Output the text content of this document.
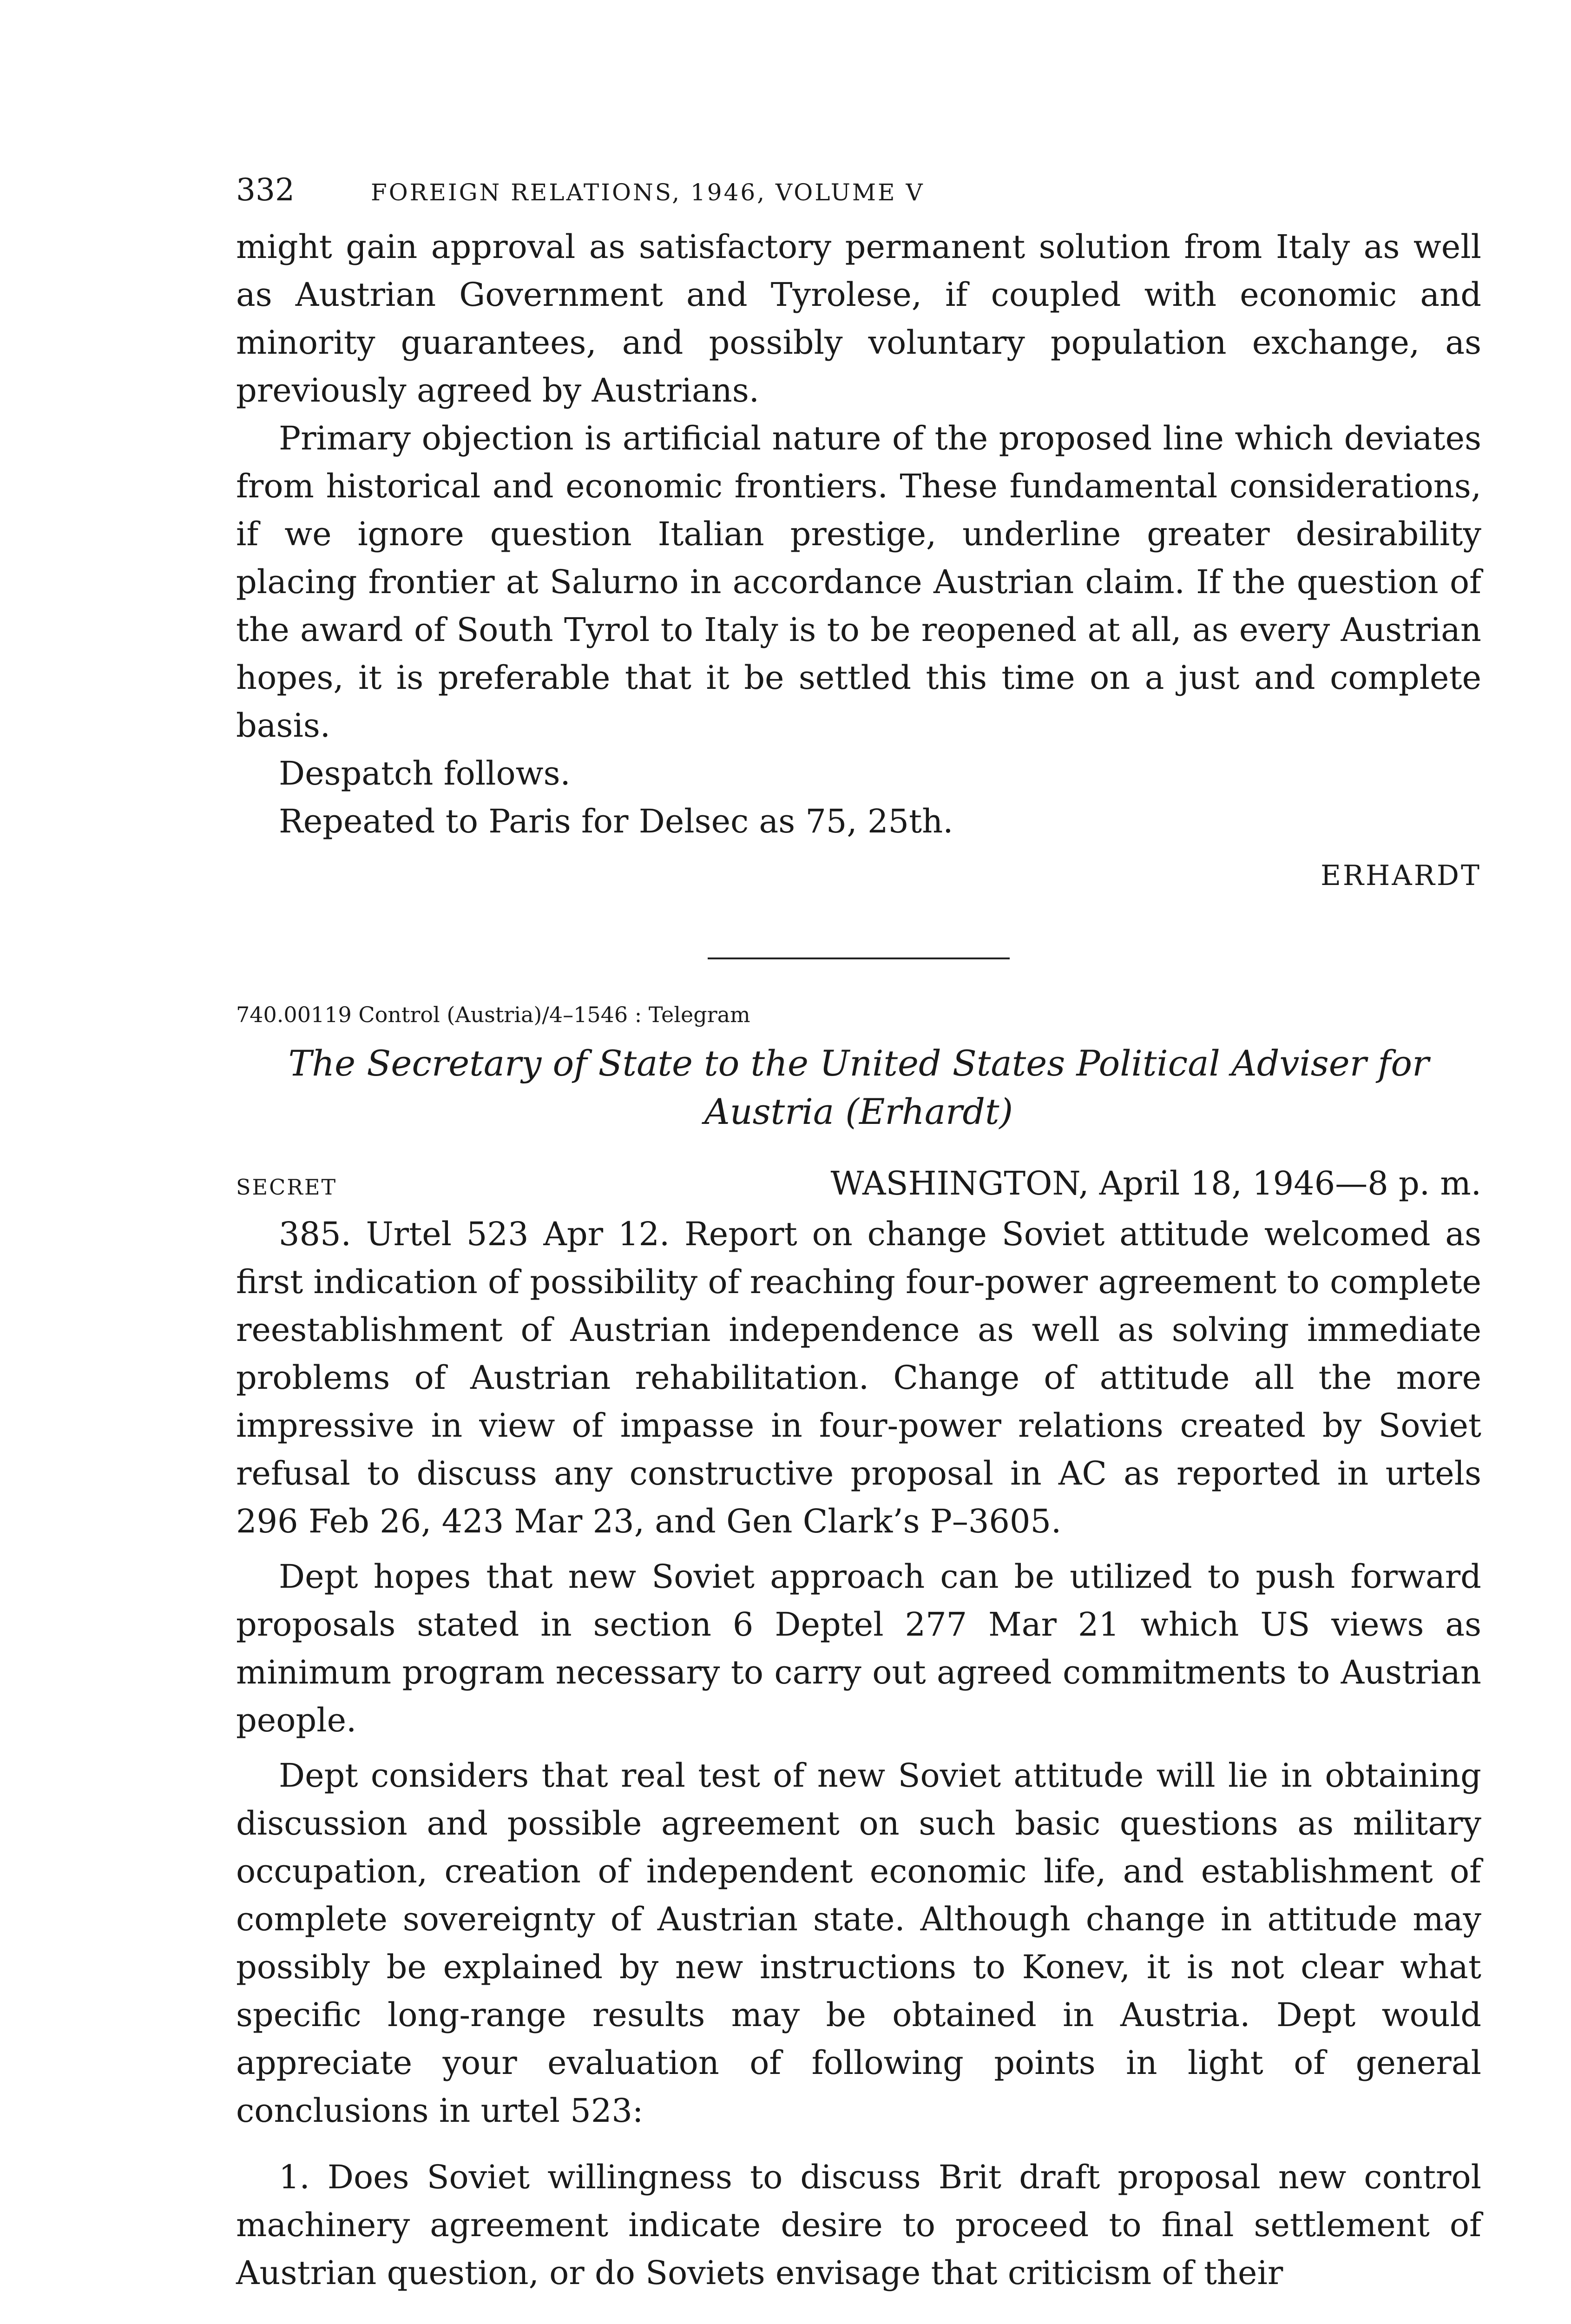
332	FOREIGN RELATIONS, 1946, VOLUME V

might gain approval as satisfactory permanent solution from Italy as well as Austrian Government and Tyrolese, if coupled with economic and minority guarantees, and possibly voluntary population exchange, as previously agreed by Austrians.

Primary objection is artificial nature of the proposed line which deviates from historical and economic frontiers. These fundamental considerations, if we ignore question Italian prestige, underline greater desirability placing frontier at Salurno in accordance Austrian claim. If the question of the award of South Tyrol to Italy is to be reopened at all, as every Austrian hopes, it is preferable that it be settled this time on a just and complete basis.

Despatch follows.

Repeated to Paris for Delsec as 75, 25th.

ERHARDT
740.00119 Control (Austria)/4–1546 : Telegram
The Secretary of State to the United States Political Adviser for Austria (Erhardt)
SECRET	WASHINGTON, April 18, 1946—8 p. m.

385. Urtel 523 Apr 12. Report on change Soviet attitude welcomed as first indication of possibility of reaching four-power agreement to complete reestablishment of Austrian independence as well as solving immediate problems of Austrian rehabilitation. Change of attitude all the more impressive in view of impasse in four-power relations created by Soviet refusal to discuss any constructive proposal in AC as reported in urtels 296 Feb 26, 423 Mar 23, and Gen Clark’s P–3605.

Dept hopes that new Soviet approach can be utilized to push forward proposals stated in section 6 Deptel 277 Mar 21 which US views as minimum program necessary to carry out agreed commitments to Austrian people.

Dept considers that real test of new Soviet attitude will lie in obtaining discussion and possible agreement on such basic questions as military occupation, creation of independent economic life, and establishment of complete sovereignty of Austrian state. Although change in attitude may possibly be explained by new instructions to Konev, it is not clear what specific long-range results may be obtained in Austria. Dept would appreciate your evaluation of following points in light of general conclusions in urtel 523:

1. Does Soviet willingness to discuss Brit draft proposal new control machinery agreement indicate desire to proceed to final settlement of Austrian question, or do Soviets envisage that criticism of their
